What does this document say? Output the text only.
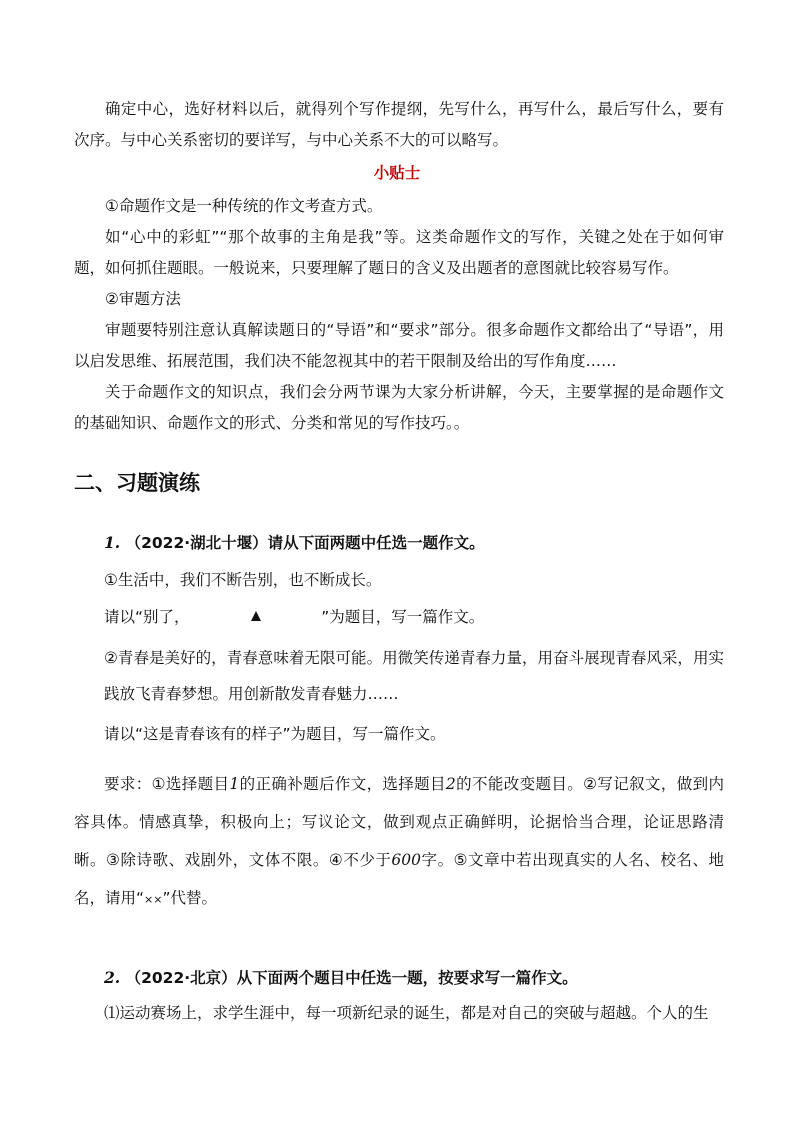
确定中心，选好材料以后，就得列个写作提纲，先写什么，再写什么，最后写什么，要有次序。与中心关系密切的要详写，与中心关系不大的可以略写。
小贴士
①命题作文是一种传统的作文考查方式。
如“心中的彩虹”“那个故事的主角是我”等。这类命题作文的写作，关键之处在于如何审题，如何抓住题眼。一般说来，只要理解了题日的含义及出题者的意图就比较容易写作。
②审题方法
审题要特别注意认真解读题日的“导语”和“要求”部分。很多命题作文都给出了“导语”，用以启发思维、拓展范围，我们决不能忽视其中的若干限制及给出的写作角度……
关于命题作文的知识点，我们会分两节课为大家分析讲解，今天，主要掌握的是命题作文的基础知识、命题作文的形式、分类和常见的写作技巧。。
二、习题演练
1. （2022·湖北十堰）请从下面两题中任选一题作文。
①生活中，我们不断告别，也不断成长。
请以“别了，	”为题目，写一篇作文。
②青春是美好的，青春意味着无限可能。用微笑传递青春力量，用奋斗展现青春风采，用实践放飞青春梦想。用创新散发青春魅力……
请以“这是青春该有的样子”为题目，写一篇作文。
要求：①选择题目1的正确补题后作文，选择题目2的不能改变题目。②写记叙文，做到内容具体。情感真挚，积极向上；写议论文，做到观点正确鲜明，论据恰当合理，论证思路清晰。③除诗歌、戏剧外，文体不限。④不少于600字。⑤文章中若出现真实的人名、校名、地名，请用“××”代替。
2. （2022·北京）从下面两个题目中任选一题，按要求写一篇作文。
⑴运动赛场上，求学生涯中，每一项新纪录的诞生，都是对自己的突破与超越。个人的生
